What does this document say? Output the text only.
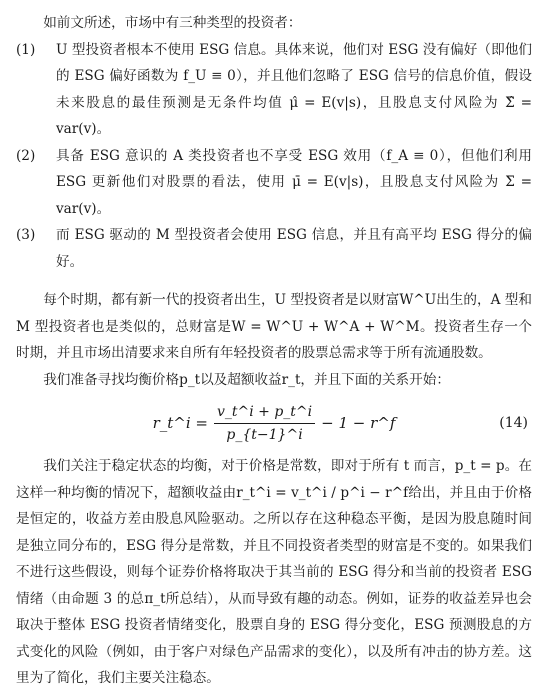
如前文所述，市场中有三种类型的投资者：

(1)	U 型投资者根本不使用 ESG 信息。具体来说，他们对 ESG 没有偏好（即他们的 ESG 偏好函数为 f_U ≡ 0），并且他们忽略了 ESG 信号的信息价值，假设未来股息的最佳预测是无条件均值 μ̂ = E(v|s)，且股息支付风险为 Σ̂ = var(v)。
(2)	具备 ESG 意识的 A 类投资者也不享受 ESG 效用（f_A ≡ 0），但他们利用 ESG 更新他们对股票的看法，使用 μ̄ = E(v|s)，且股息支付风险为 Σ̄ = var(v)。
(3)	而 ESG 驱动的 M 型投资者会使用 ESG 信息，并且有高平均 ESG 得分的偏好。

每个时期，都有新一代的投资者出生，U 型投资者是以财富W^U出生的，A 型和 M 型投资者也是类似的，总财富是W = W^U + W^A + W^M。投资者生存一个时期，并且市场出清要求来自所有年轻投资者的股票总需求等于所有流通股数。

我们准备寻找均衡价格p_t以及超额收益r_t，并且下面的关系开始：

r_t^i = $\frac{v\_t\^{}i + p\_t\^{}i}{p\_\{t-1\}\^{}i} - 1$ − r^f	(14)

我们关注于稳定状态的均衡，对于价格是常数，即对于所有 t 而言，p_t = p。在这样一种均衡的情况下，超额收益由r_t^i = v_t^i / p^i − r^f给出，并且由于价格是恒定的，收益方差由股息风险驱动。之所以存在这种稳态平衡，是因为股息随时间是独立同分布的，ESG 得分是常数，并且不同投资者类型的财富是不变的。如果我们不进行这些假设，则每个证券价格将取决于其当前的 ESG 得分和当前的投资者 ESG 情绪（由命题 3 的总π_t所总结），从而导致有趣的动态。例如，证券的收益差异也会取决于整体 ESG 投资者情绪变化，股票自身的 ESG 得分变化，ESG 预测股息的方式变化的风险（例如，由于客户对绿色产品需求的变化），以及所有冲击的协方差。这里为了简化，我们主要关注稳态。
